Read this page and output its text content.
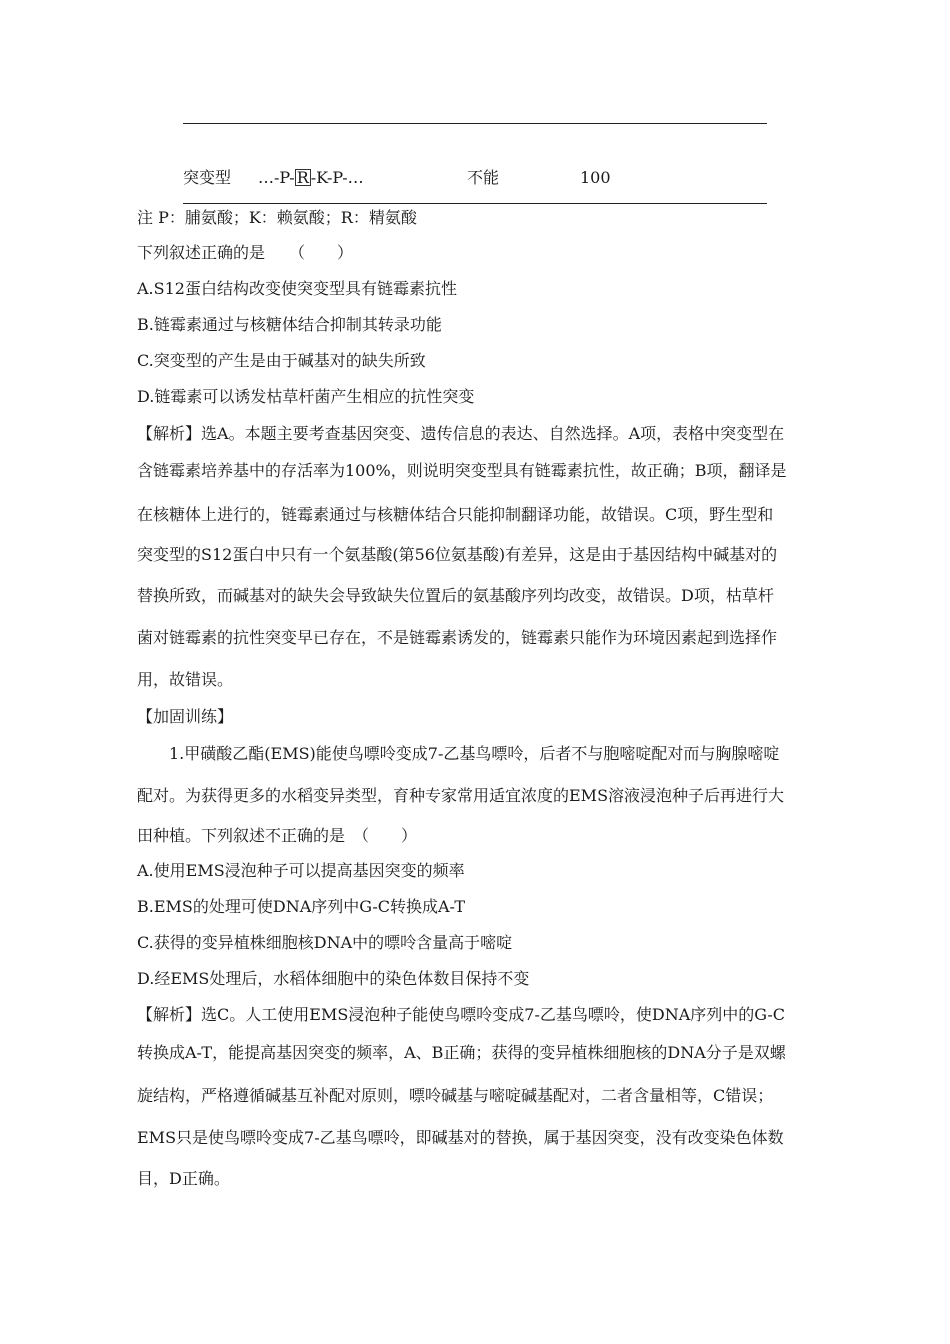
突变型 …-P- R -K-P-…	不能	100
注 P：脯氨酸；K：赖氨酸；R：精氨酸
下列叙述正确的是　　（　　）
A.S12蛋白结构改变使突变型具有链霉素抗性
B.链霉素通过与核糖体结合抑制其转录功能
C.突变型的产生是由于碱基对的缺失所致
D.链霉素可以诱发枯草杆菌产生相应的抗性突变
【解析】选A。本题主要考查基因突变、遗传信息的表达、自然选择。A项，表格中突变型在
含链霉素培养基中的存活率为100%，则说明突变型具有链霉素抗性，故正确；B项，翻译是
在核糖体上进行的，链霉素通过与核糖体结合只能抑制翻译功能，故错误。C项，野生型和
突变型的S12蛋白中只有一个氨基酸(第56位氨基酸)有差异，这是由于基因结构中碱基对的
替换所致，而碱基对的缺失会导致缺失位置后的氨基酸序列均改变，故错误。D项，枯草杆
菌对链霉素的抗性突变早已存在，不是链霉素诱发的，链霉素只能作为环境因素起到选择作
用，故错误。
【加固训练】
1.甲磺酸乙酯(EMS)能使鸟嘌呤变成7-乙基鸟嘌呤，后者不与胞嘧啶配对而与胸腺嘧啶
配对。为获得更多的水稻变异类型，育种专家常用适宜浓度的EMS溶液浸泡种子后再进行大
田种植。下列叙述不正确的是　（　　）
A.使用EMS浸泡种子可以提高基因突变的频率
B.EMS的处理可使DNA序列中G-C转换成A-T
C.获得的变异植株细胞核DNA中的嘌呤含量高于嘧啶
D.经EMS处理后，水稻体细胞中的染色体数目保持不变
【解析】选C。人工使用EMS浸泡种子能使鸟嘌呤变成7-乙基鸟嘌呤，使DNA序列中的G-C
转换成A-T，能提高基因突变的频率，A、B正确；获得的变异植株细胞核的DNA分子是双螺
旋结构，严格遵循碱基互补配对原则，嘌呤碱基与嘧啶碱基配对，二者含量相等，C错误；
EMS只是使鸟嘌呤变成7-乙基鸟嘌呤，即碱基对的替换，属于基因突变，没有改变染色体数
目，D正确。
